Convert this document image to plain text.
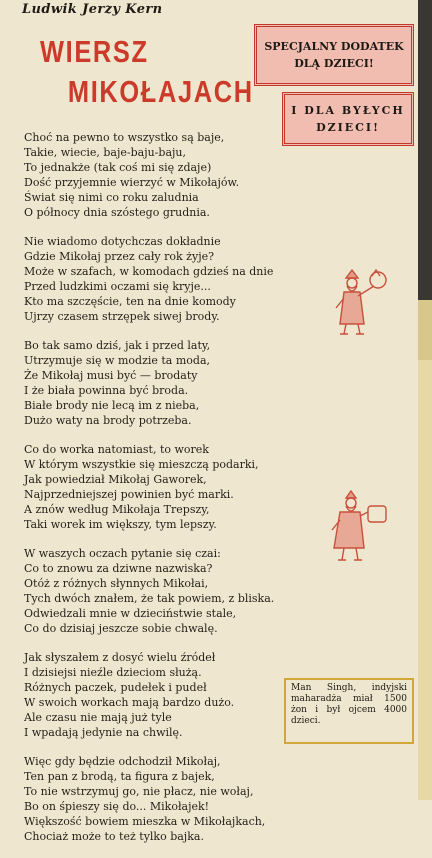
Ludwik Jerzy Kern
WIERSZ
MIKOŁAJACH
SPECJALNY DODATEK DLĄ DZIECI!
I DLA BYŁYCH DZIECI!
Choć na pewno to wszystko są baje,
Takie, wiecie, baje-baju-baju,
To jednakże (tak coś mi się zdaje)
Dość przyjemnie wierzyć w Mikołajów.
Świat się nimi co roku zaludnia
O północy dnia szóstego grudnia.
Nie wiadomo dotychczas dokładnie
Gdzie Mikołaj przez cały rok żyje?
Może w szafach, w komodach gdzieś na dnie
Przed ludzkimi oczami się kryje...
Kto ma szczęście, ten na dnie komody
Ujrzy czasem strzępek siwej brody.
Bo tak samo dziś, jak i przed laty,
Utrzymuje się w modzie ta moda,
Że Mikołaj musi być — brodaty
I że biała powinna być broda.
Białe brody nie lecą im z nieba,
Dużo waty na brody potrzeba.
Co do worka natomiast, to worek
W którym wszystkie się mieszczą podarki,
Jak powiedział Mikołaj Gaworek,
Najprzedniejszej powinien być marki.
A znów według Mikołaja Trepszy,
Taki worek im większy, tym lepszy.
W waszych oczach pytanie się czai:
Co to znowu za dziwne nazwiska?
Otóż z różnych słynnych Mikołai,
Tych dwóch znałem, że tak powiem, z bliska.
Odwiedzali mnie w dzieciństwie stale,
Co do dzisiaj jeszcze sobie chwalę.
Jak słyszałem z dosyć wielu źródeł
I dzisiejsi nieźle dzieciom służą.
Różnych paczek, pudełek i pudeł
W swoich workach mają bardzo dużo.
Ale czasu nie mają już tyle
I wpadają jedynie na chwilę.
Więc gdy będzie odchodził Mikołaj,
Ten pan z brodą, ta figura z bajek,
To nie wstrzymuj go, nie płacz, nie wołaj,
Bo on śpieszy się do... Mikołajek!
Większość bowiem mieszka w Mikołajkach,
Chociaż może to też tylko bajka.
Man Singh, indyjski maharadża miał 1500 żon i był ojcem 4000 dzieci.
